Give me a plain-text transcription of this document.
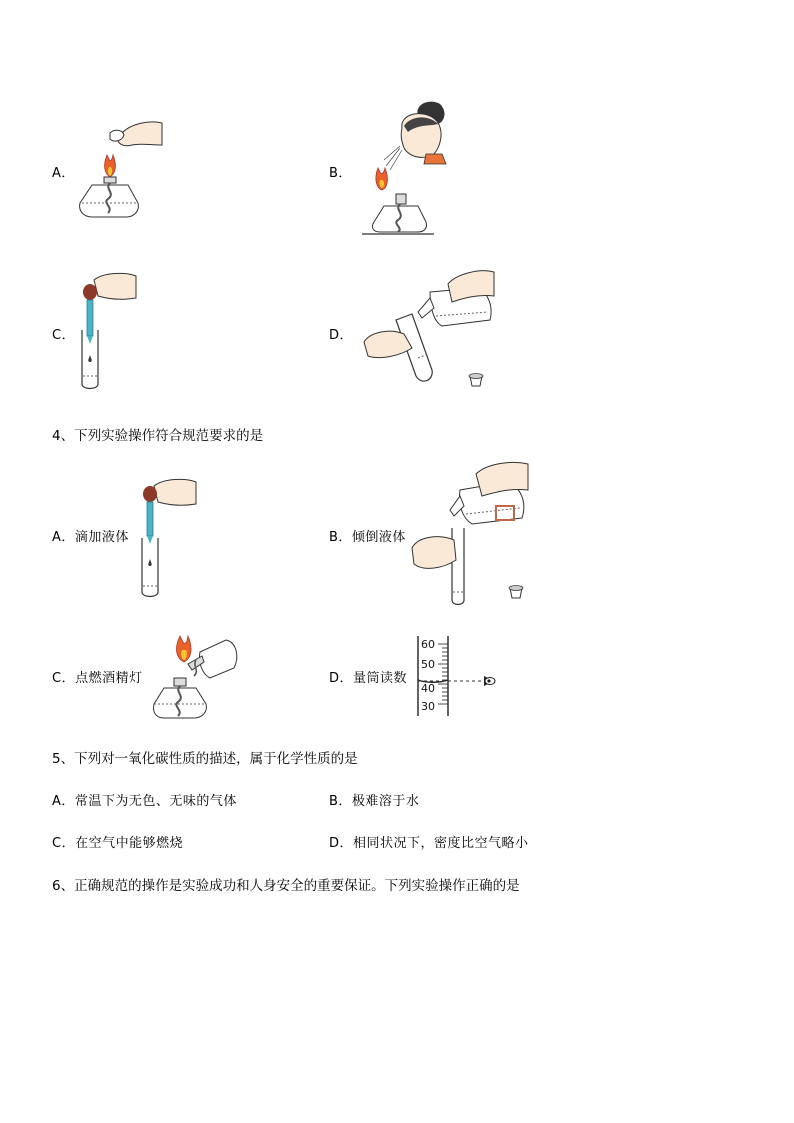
A．	B．
C．	D．
4、下列实验操作符合规范要求的是
A．滴加液体	B．倾倒液体
C．点燃酒精灯	D．量筒读数
60
50
40
30
5、下列对一氧化碳性质的描述，属于化学性质的是
A．常温下为无色、无味的气体	B．极难溶于水
C．在空气中能够燃烧	D．相同状况下，密度比空气略小
6、正确规范的操作是实验成功和人身安全的重要保证。下列实验操作正确的是
